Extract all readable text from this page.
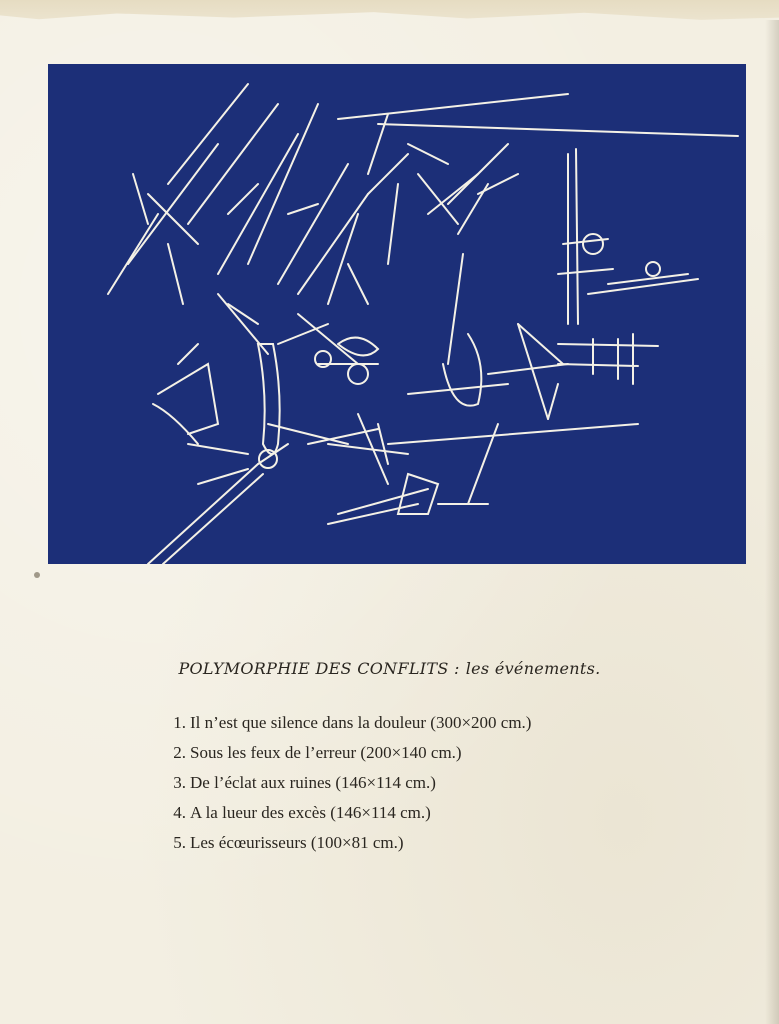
POLYMORPHIE DES CONFLITS : les événements.
1. Il n’est que silence dans la douleur (300×200 cm.)
2. Sous les feux de l’erreur (200×140 cm.)
3. De l’éclat aux ruines (146×114 cm.)
4. A la lueur des excès (146×114 cm.)
5. Les écœurisseurs (100×81 cm.)
